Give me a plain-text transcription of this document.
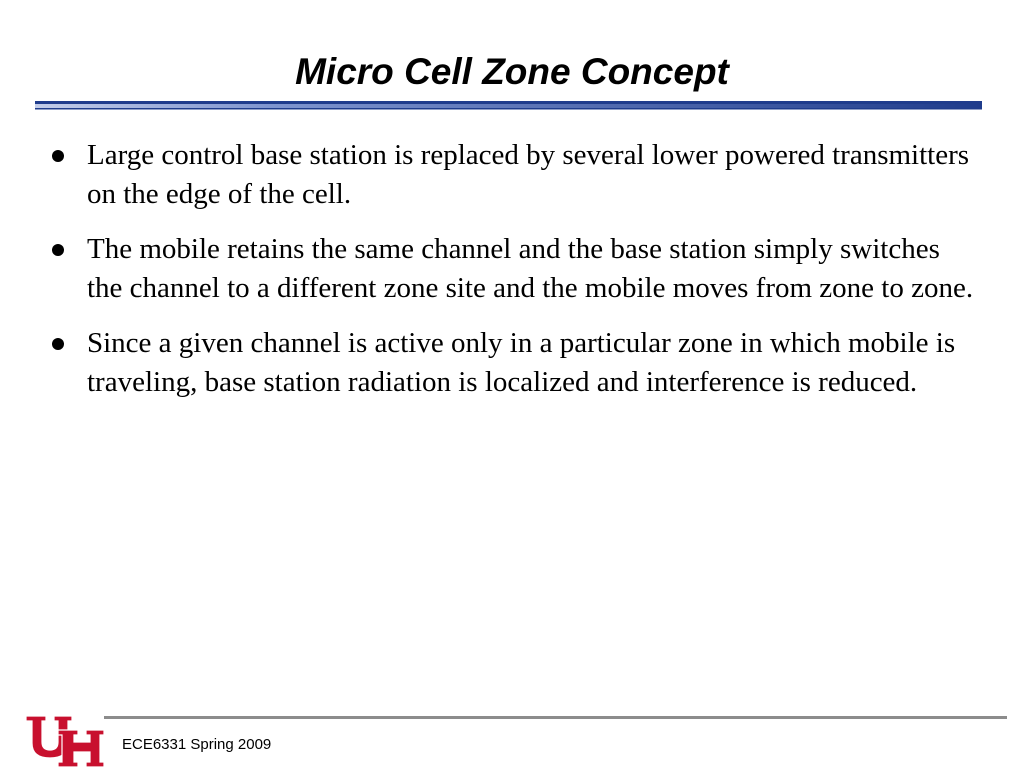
Micro Cell Zone Concept
Large control base station is replaced by several lower powered transmitters on the edge of the cell.
The mobile retains the same channel and the base station simply switches the channel to a different zone site and the mobile moves from zone to zone.
Since a given channel is active only in a particular zone in which mobile is traveling, base station radiation is localized and interference is reduced.
ECE6331 Spring 2009
